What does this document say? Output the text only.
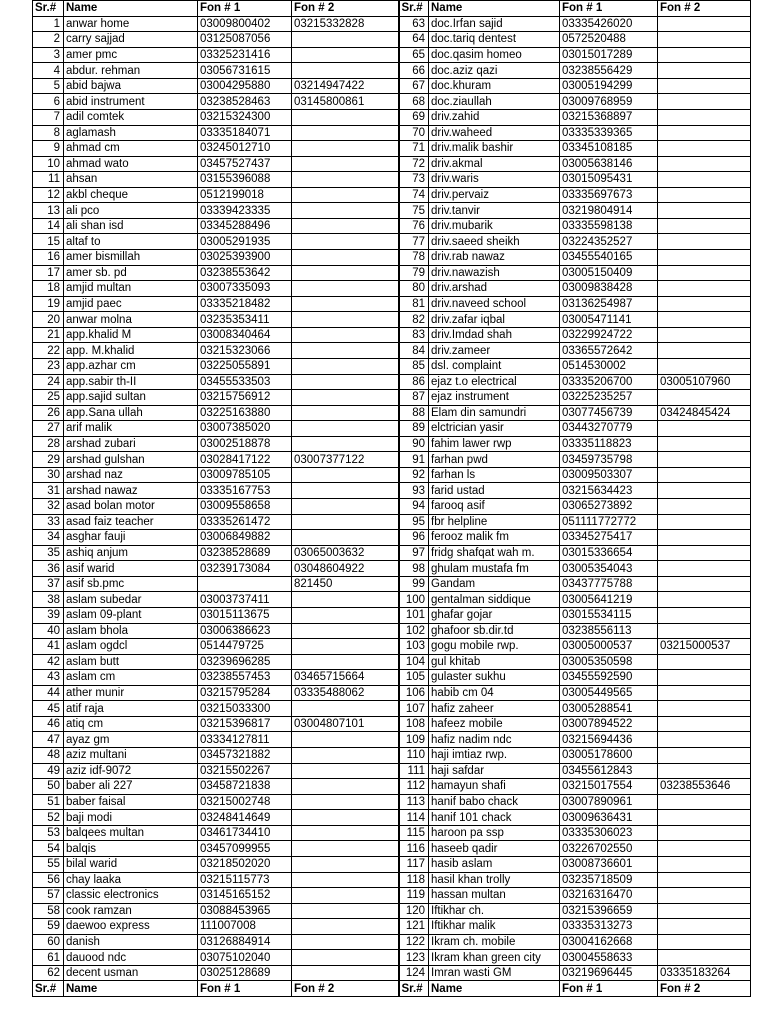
Sr.#	Name	Fon # 1	Fon # 2	Sr.#	Name	Fon # 1	Fon # 2
1	anwar home	03009800402	03215332828	63	doc.Irfan sajid	03335426020	
2	carry sajjad	03125087056		64	doc.tariq dentest	0572520488	
3	amer pmc	03325231416		65	doc.qasim homeo	03015017289	
4	abdur. rehman	03056731615		66	doc.aziz qazi	03238556429	
5	abid bajwa	03004295880	03214947422	67	doc.khuram	03005194299	
6	abid instrument	03238528463	03145800861	68	doc.ziaullah	03009768959	
7	adil comtek	03215324300		69	driv.zahid	03215368897	
8	aglamash	03335184071		70	driv.waheed	03335339365	
9	ahmad cm	03245012710		71	driv.malik bashir	03345108185	
10	ahmad wato	03457527437		72	driv.akmal	03005638146	
11	ahsan	03155396088		73	driv.waris	03015095431	
12	akbl cheque	0512199018		74	driv.pervaiz	03335697673	
13	ali pco	03339423335		75	driv.tanvir	03219804914	
14	ali shan isd	03345288496		76	driv.mubarik	03335598138	
15	altaf to	03005291935		77	driv.saeed sheikh	03224352527	
16	amer bismillah	03025393900		78	driv.rab nawaz	03455540165	
17	amer sb. pd	03238553642		79	driv.nawazish	03005150409	
18	amjid multan	03007335093		80	driv.arshad	03009838428	
19	amjid paec	03335218482		81	driv.naveed school	03136254987	
20	anwar molna	03235353411		82	driv.zafar iqbal	03005471141	
21	app.khalid M	03008340464		83	driv.Imdad shah	03229924722	
22	app. M.khalid	03215323066		84	driv.zameer	03365572642	
23	app.azhar cm	03225055891		85	dsl. complaint	0514530002	
24	app.sabir th-II	03455533503		86	ejaz t.o electrical	03335206700	03005107960
25	app.sajid sultan	03215756912		87	ejaz instrument	03225235257	
26	app.Sana ullah	03225163880		88	Elam din samundri	03077456739	03424845424
27	arif malik	03007385020		89	elctrician yasir	03443270779	
28	arshad zubari	03002518878		90	fahim lawer rwp	03335118823	
29	arshad gulshan	03028417122	03007377122	91	farhan pwd	03459735798	
30	arshad naz	03009785105		92	farhan ls	03009503307	
31	arshad nawaz	03335167753		93	farid ustad	03215634423	
32	asad bolan motor	03009558658		94	farooq asif	03065273892	
33	asad faiz teacher	03335261472		95	fbr helpline	051111772772	
34	asghar fauji	03006849882		96	ferooz malik fm	03345275417	
35	ashiq anjum	03238528689	03065003632	97	fridg shafqat wah m.	03015336654	
36	asif warid	03239173084	03048604922	98	ghulam mustafa fm	03005354043	
37	asif sb.pmc		821450	99	Gandam	03437775788	
38	aslam subedar	03003737411		100	gentalman siddique	03005641219	
39	aslam 09-plant	03015113675		101	ghafar gojar	03015534115	
40	aslam bhola	03006386623		102	ghafoor sb.dir.td	03238556113	
41	aslam ogdcl	0514479725		103	gogu mobile rwp.	03005000537	03215000537
42	aslam butt	03239696285		104	gul khitab	03005350598	
43	aslam cm	03238557453	03465715664	105	gulaster sukhu	03455592590	
44	ather munir	03215795284	03335488062	106	habib cm 04	03005449565	
45	atif raja	03215033300		107	hafiz zaheer	03005288541	
46	atiq cm	03215396817	03004807101	108	hafeez mobile	03007894522	
47	ayaz gm	03334127811		109	hafiz nadim ndc	03215694436	
48	aziz multani	03457321882		110	haji imtiaz rwp.	03005178600	
49	aziz idf-9072	03215502267		111	haji safdar	03455612843	
50	baber ali 227	03458721838		112	hamayun shafi	03215017554	03238553646
51	baber faisal	03215002748		113	hanif babo chack	03007890961	
52	baji modi	03248414649		114	hanif 101 chack	03009636431	
53	balqees multan	03461734410		115	haroon pa ssp	03335306023	
54	balqis	03457099955		116	haseeb qadir	03226702550	
55	bilal warid	03218502020		117	hasib aslam	03008736601	
56	chay laaka	03215115773		118	hasil khan trolly	03235718509	
57	classic electronics	03145165152		119	hassan multan	03216316470	
58	cook ramzan	03088453965		120	Iftikhar ch.	03215396659	
59	daewoo express	111007008		121	Iftikhar malik	03335313273	
60	danish	03126884914		122	Ikram ch. mobile	03004162668	
61	dauood ndc	03075102040		123	Ikram khan green city	03004558633	
62	decent usman	03025128689		124	Imran wasti GM	03219696445	03335183264
Sr.#	Name	Fon # 1	Fon # 2	Sr.#	Name	Fon # 1	Fon # 2
